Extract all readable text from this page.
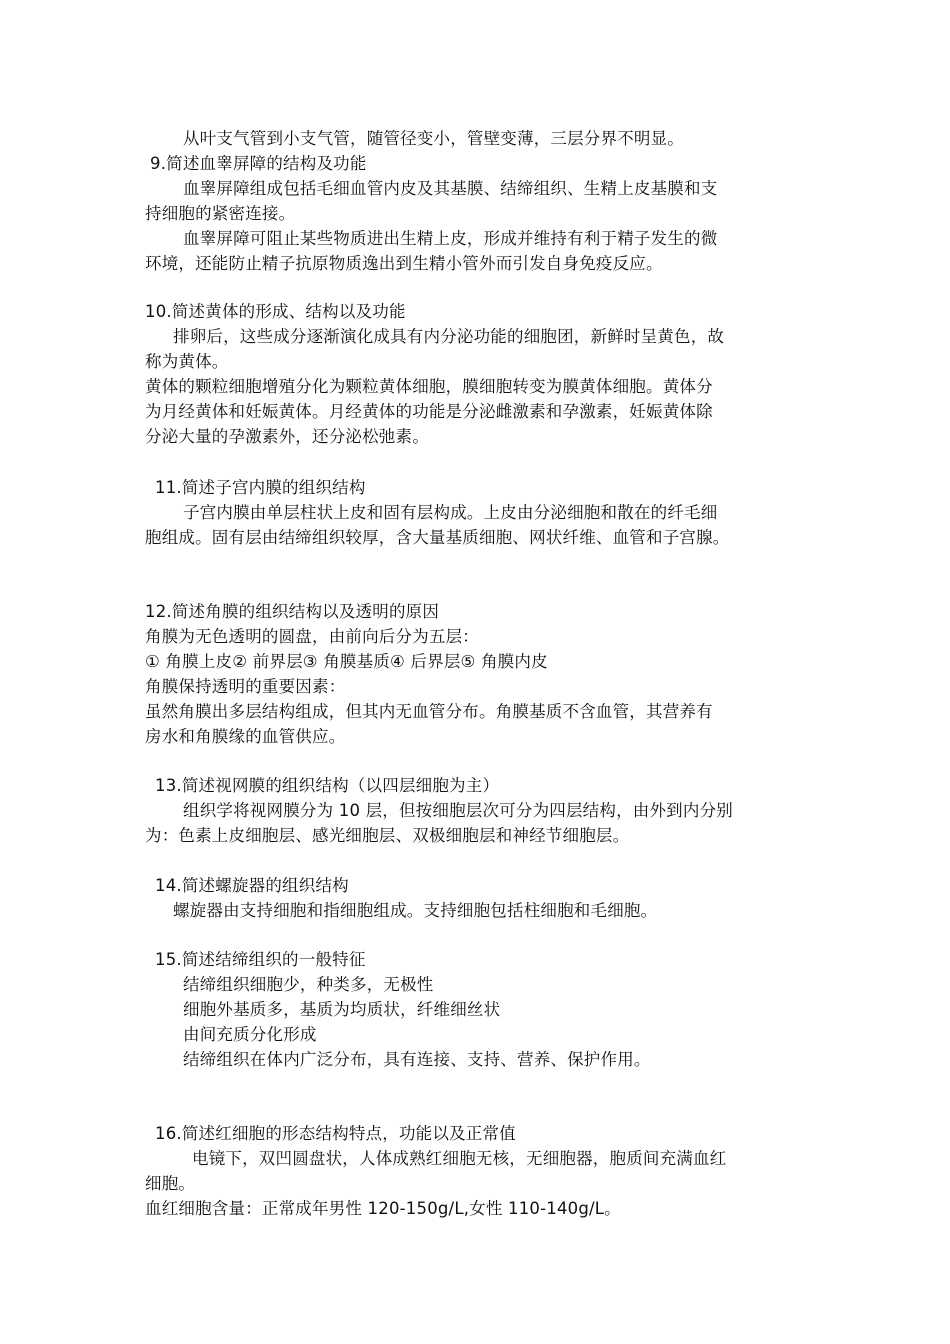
从叶支气管到小支气管，随管径变小，管壁变薄，三层分界不明显。
9.简述血睾屏障的结构及功能
血睾屏障组成包括毛细血管内皮及其基膜、结缔组织、生精上皮基膜和支
持细胞的紧密连接。
血睾屏障可阻止某些物质进出生精上皮，形成并维持有利于精子发生的微
环境，还能防止精子抗原物质逸出到生精小管外而引发自身免疫反应。
10.简述黄体的形成、结构以及功能
排卵后，这些成分逐渐演化成具有内分泌功能的细胞团，新鲜时呈黄色，故
称为黄体。
黄体的颗粒细胞增殖分化为颗粒黄体细胞，膜细胞转变为膜黄体细胞。黄体分
为月经黄体和妊娠黄体。月经黄体的功能是分泌雌激素和孕激素，妊娠黄体除
分泌大量的孕激素外，还分泌松弛素。
11.简述子宫内膜的组织结构
子宫内膜由单层柱状上皮和固有层构成。上皮由分泌细胞和散在的纤毛细
胞组成。固有层由结缔组织较厚，含大量基质细胞、网状纤维、血管和子宫腺。
12.简述角膜的组织结构以及透明的原因
角膜为无色透明的圆盘，由前向后分为五层：
① 角膜上皮② 前界层③ 角膜基质④ 后界层⑤ 角膜内皮
角膜保持透明的重要因素：
虽然角膜出多层结构组成，但其内无血管分布。角膜基质不含血管，其营养有
房水和角膜缘的血管供应。
13.简述视网膜的组织结构（以四层细胞为主）
组织学将视网膜分为 10 层，但按细胞层次可分为四层结构，由外到内分别
为：色素上皮细胞层、感光细胞层、双极细胞层和神经节细胞层。
14.简述螺旋器的组织结构
螺旋器由支持细胞和指细胞组成。支持细胞包括柱细胞和毛细胞。
15.简述结缔组织的一般特征
结缔组织细胞少，种类多，无极性
细胞外基质多，基质为均质状，纤维细丝状
由间充质分化形成
结缔组织在体内广泛分布，具有连接、支持、营养、保护作用。
16.简述红细胞的形态结构特点，功能以及正常值
电镜下，双凹圆盘状，人体成熟红细胞无核，无细胞器，胞质间充满血红
细胞。
血红细胞含量：正常成年男性 120-150g/L,女性 110-140g/L。
